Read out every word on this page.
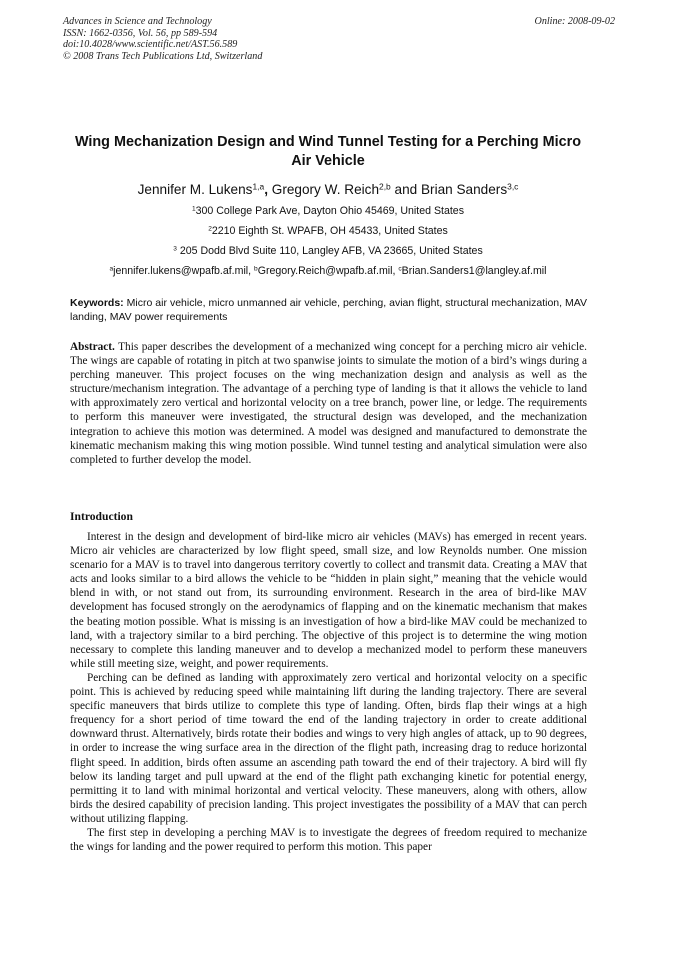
Advances in Science and Technology
ISSN: 1662-0356, Vol. 56, pp 589-594
doi:10.4028/www.scientific.net/AST.56.589
© 2008 Trans Tech Publications Ltd, Switzerland
Online: 2008-09-02
Wing Mechanization Design and Wind Tunnel Testing for a Perching Micro Air Vehicle
Jennifer M. Lukens$^{1,a}$, Gregory W. Reich$^{2,b}$ and Brian Sanders$^{3,c}$
$^1$300 College Park Ave, Dayton Ohio 45469, United States
$^2$2210 Eighth St. WPAFB, OH 45433, United States
$^3$ 205 Dodd Blvd Suite 110, Langley AFB, VA 23665, United States
$^a$jennifer.lukens@wpafb.af.mil, $^b$Gregory.Reich@wpafb.af.mil, $^c$Brian.Sanders1@langley.af.mil
Keywords: Micro air vehicle, micro unmanned air vehicle, perching, avian flight, structural mechanization, MAV landing, MAV power requirements
Abstract. This paper describes the development of a mechanized wing concept for a perching micro air vehicle. The wings are capable of rotating in pitch at two spanwise joints to simulate the motion of a bird’s wings during a perching maneuver. This project focuses on the wing mechanization design and analysis as well as the structure/mechanism integration. The advantage of a perching type of landing is that it allows the vehicle to land with approximately zero vertical and horizontal velocity on a tree branch, power line, or ledge. The requirements to perform this maneuver were investigated, the structural design was developed, and the mechanization integration to achieve this motion was determined. A model was designed and manufactured to demonstrate the kinematic mechanism making this wing motion possible. Wind tunnel testing and analytical simulation were also completed to further develop the model.
Introduction

Interest in the design and development of bird-like micro air vehicles (MAVs) has emerged in recent years. Micro air vehicles are characterized by low flight speed, small size, and low Reynolds number. One mission scenario for a MAV is to travel into dangerous territory covertly to collect and transmit data. Creating a MAV that acts and looks similar to a bird allows the vehicle to be “hidden in plain sight,” meaning that the vehicle would blend in with, or not stand out from, its surrounding environment. Research in the area of bird-like MAV development has focused strongly on the aerodynamics of flapping and on the kinematic mechanism that makes the beating motion possible. What is missing is an investigation of how a bird-like MAV could be mechanized to land, with a trajectory similar to a bird perching. The objective of this project is to determine the wing motion necessary to complete this landing maneuver and to develop a mechanized model to perform these maneuvers while still meeting size, weight, and power requirements.

Perching can be defined as landing with approximately zero vertical and horizontal velocity on a specific point. This is achieved by reducing speed while maintaining lift during the landing trajectory. There are several specific maneuvers that birds utilize to complete this type of landing. Often, birds flap their wings at a high frequency for a short period of time toward the end of the landing trajectory in order to create additional downward thrust. Alternatively, birds rotate their bodies and wings to very high angles of attack, up to 90 degrees, in order to increase the wing surface area in the direction of the flight path, increasing drag to reduce horizontal flight speed. In addition, birds often assume an ascending path toward the end of their trajectory. A bird will fly below its landing target and pull upward at the end of the flight path exchanging kinetic for potential energy, permitting it to land with minimal horizontal and vertical velocity. These maneuvers, along with others, allow birds the desired capability of precision landing. This project investigates the possibility of a MAV that can perch without utilizing flapping.

The first step in developing a perching MAV is to investigate the degrees of freedom required to mechanize the wings for landing and the power required to perform this motion. This paper
